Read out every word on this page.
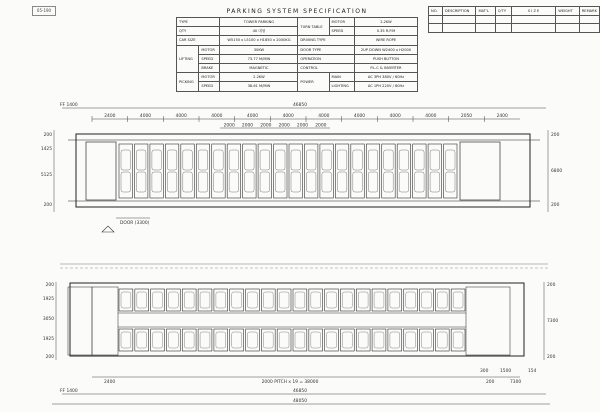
05-190	PARKING SYSTEM SPECIFICATION					
TYPE		TOWER PARKING	TURN TABLE	MOTOR	2.2KW
QTY		40 대형		SPEED	0.35 R.P.M
CAR SIZE		W5150 x L5100 x H1850 x 2000KG	DRIVING TYPE		WIRE ROPE
LIFTING	MOTOR	30KW	DOOR TYPE		2UP DOWN W2400 x H2000
	SPEED	73.77 M/MIN	OPERATION		PUSH BUTTON
	BRAKE	MAGNETIC	CONTROL		P.L.C & INVERTER
PICKING	MOTOR	2.2KW	POWER	MAIN	AC 3PH 380V / 60Hz
	SPEED	38.61 M/MIN		LIGHTING	AC 1PH 220V / 60Hz
NO.	DESCRIPTION	MAT'L	Q'TY	S I Z E	WEIGHT	REMARK

46850
FF 1400
2400	4000	4000	4000	4000	4000	4000	4000	4000	4000	2050	2400
2000 2000 2000 2000 2000 2000
200
1425
5125
200
200
6800
200
DOOR (3300)
200
1925
3050
1925
200
200
7300
200
2400	2000 PITCH x 19 = 38000	200	7300
300	1500	154
FF 1400	46850
48050
